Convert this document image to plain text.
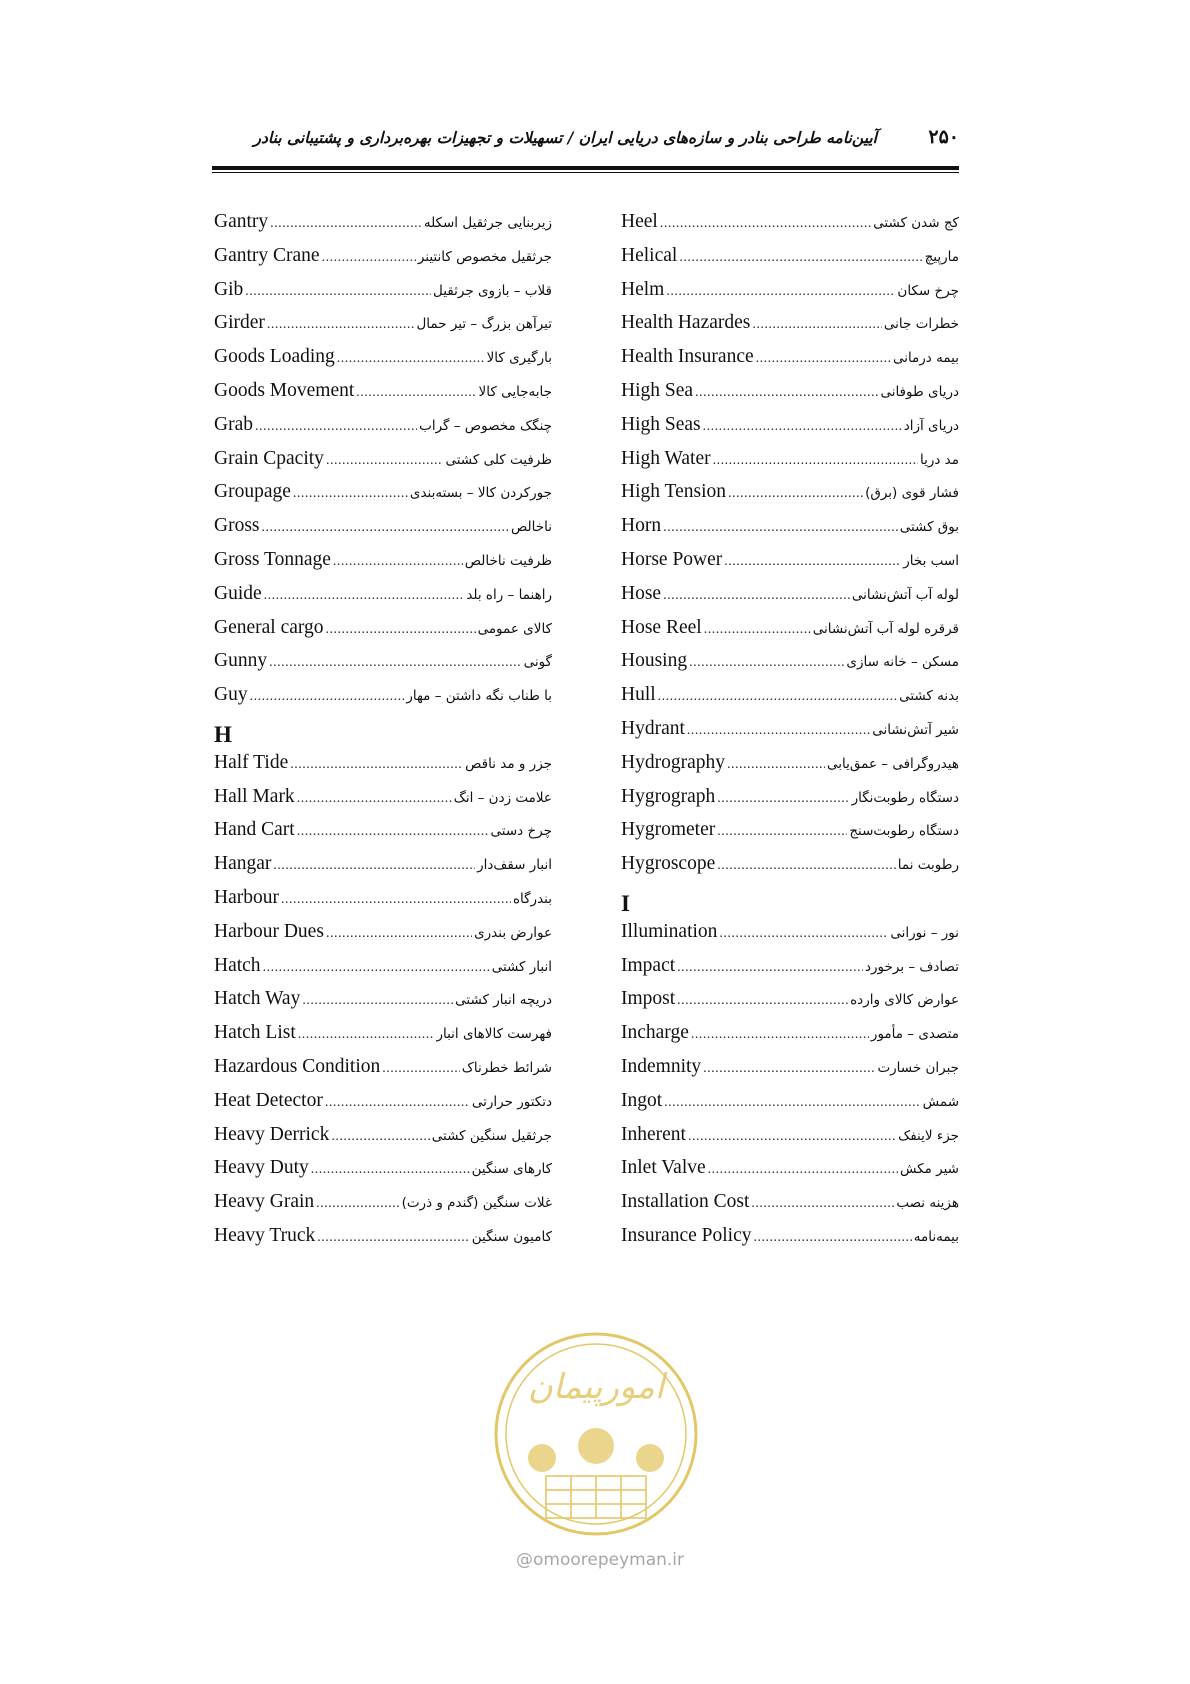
۲۵۰
آیین‌نامه طراحی بنادر و سازه‌های دریایی ایران / تسهیلات و تجهیزات بهره‌برداری و پشتیبانی بنادر
Gantry .....	زیربنایی جرثقیل اسکله
Gantry Crane .....	جرثقیل مخصوص کانتینر
Gib .....	قلاب – بازوی جرثقیل
Girder .....	تیرآهن بزرگ – تیر حمال
Goods Loading .....	بارگیری کالا
Goods Movement .....	جابه‌جایی کالا
Grab .....	چنگک مخصوص – گراب
Grain Cpacity .....	ظرفیت کلی کشتی
Groupage .....	جورکردن کالا – بسته‌بندی
Gross .....	ناخالص
Gross Tonnage .....	ظرفیت ناخالص
Guide .....	راهنما – راه بلد
General cargo .....	کالای عمومی
Gunny .....	گونی
Guy .....	با طناب نگه داشتن – مهار
H
Half Tide .....	جزر و مد ناقص
Hall Mark .....	علامت زدن – انگ
Hand Cart .....	چرخ دستی
Hangar .....	انبار سقف‌دار
Harbour .....	بندرگاه
Harbour Dues .....	عوارض بندری
Hatch .....	انبار کشتی
Hatch Way .....	دریچه انبار کشتی
Hatch List .....	فهرست کالاهای انبار
Hazardous Condition .....	شرائط خطرناک
Heat Detector .....	دتکتور حرارتی
Heavy Derrick .....	جرثقیل سنگین کشتی
Heavy Duty .....	کارهای سنگین
Heavy Grain .....	غلات سنگین (گندم و ذرت)
Heavy Truck .....	کامیون سنگین
Heel .....	کج شدن کشتی
Helical .....	مارپیچ
Helm .....	چرخ سکان
Health Hazardes .....	خطرات جانی
Health Insurance .....	بیمه درمانی
High Sea .....	دریای طوفانی
High Seas .....	دریای آزاد
High Water .....	مد دریا
High Tension .....	فشار قوی (برق)
Horn .....	بوق کشتی
Horse Power .....	اسب بخار
Hose .....	لوله آب آتش‌نشانی
Hose Reel .....	قرقره لوله آب آتش‌نشانی
Housing .....	مسکن – خانه سازی
Hull .....	بدنه کشتی
Hydrant .....	شیر آتش‌نشانی
Hydrography .....	هیدروگرافی – عمق‌یابی
Hygrograph .....	دستگاه رطوبت‌نگار
Hygrometer .....	دستگاه رطوبت‌سنج
Hygroscope .....	رطوبت نما
I
Illumination .....	نور – نورانی
Impact .....	تصادف – برخورد
Impost .....	عوارض کالای وارده
Incharge .....	متصدی – مأمور
Indemnity .....	جبران خسارت
Ingot .....	شمش
Inherent .....	جزء لاینفک
Inlet Valve .....	شیر مکش
Installation Cost .....	هزینه نصب
Insurance Policy .....	بیمه‌نامه
امورپیمان
@omoorepeyman.ir
